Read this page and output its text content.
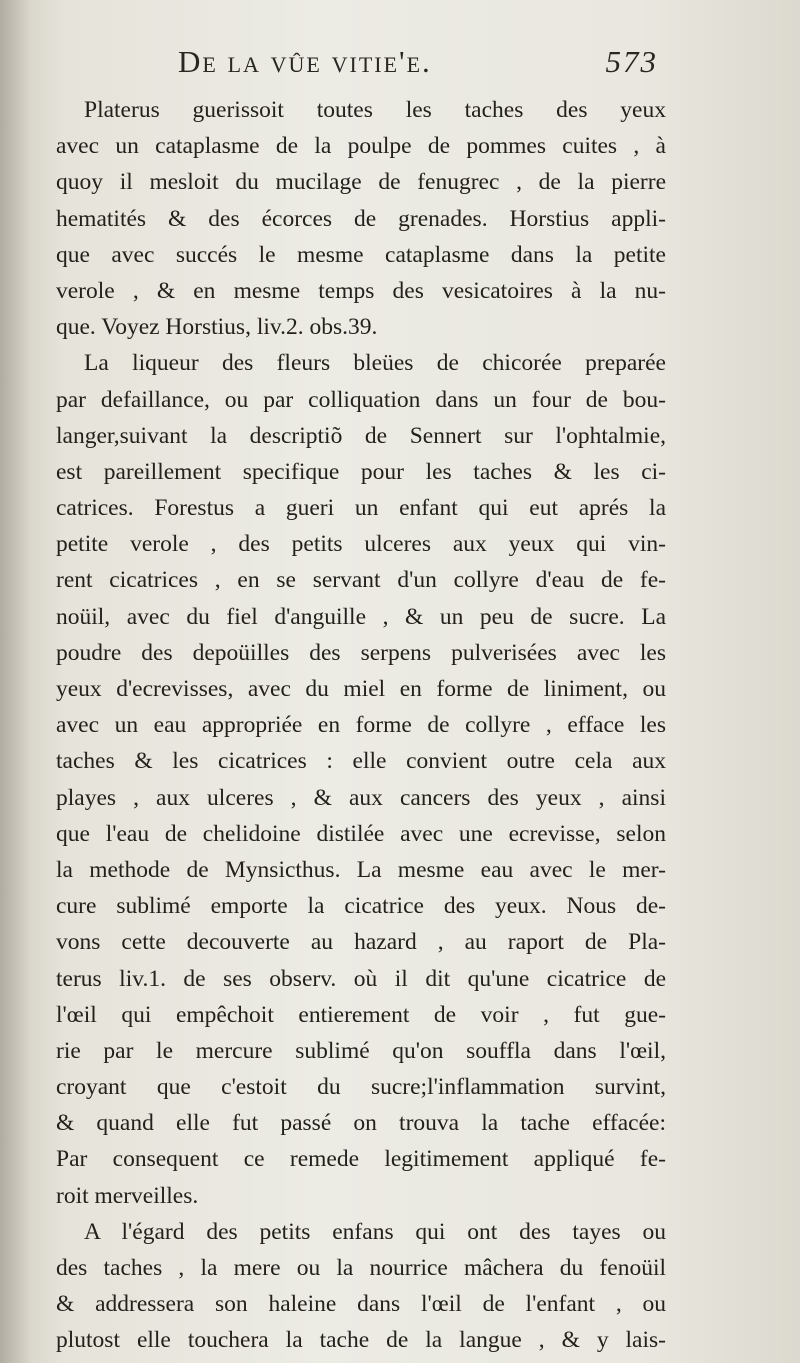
De la vûe vitie'e.	573
Platerus guerissoit toutes les taches des yeux
avec un cataplasme de la poulpe de pommes cuites , à
quoy il mesloit du mucilage de fenugrec , de la pierre
hematités & des écorces de grenades. Horstius appli-
que avec succés le mesme cataplasme dans la petite
verole , & en mesme temps des vesicatoires à la nu-
que. Voyez Horstius, liv.2. obs.39.
La liqueur des fleurs bleües de chicorée preparée
par defaillance, ou par colliquation dans un four de bou-
langer,suivant la descriptiõ de Sennert sur l'ophtalmie,
est pareillement specifique pour les taches & les ci-
catrices. Forestus a gueri un enfant qui eut aprés la
petite verole , des petits ulceres aux yeux qui vin-
rent cicatrices , en se servant d'un collyre d'eau de fe-
noüil, avec du fiel d'anguille , & un peu de sucre. La
poudre des depoüilles des serpens pulverisées avec les
yeux d'ecrevisses, avec du miel en forme de liniment, ou
avec un eau appropriée en forme de collyre , efface les
taches & les cicatrices : elle convient outre cela aux
playes , aux ulceres , & aux cancers des yeux , ainsi
que l'eau de chelidoine distilée avec une ecrevisse, selon
la methode de Mynsicthus. La mesme eau avec le mer-
cure sublimé emporte la cicatrice des yeux. Nous de-
vons cette decouverte au hazard , au raport de Pla-
terus liv.1. de ses observ. où il dit qu'une cicatrice de
l'œil qui empêchoit entierement de voir , fut gue-
rie par le mercure sublimé qu'on souffla dans l'œil,
croyant que c'estoit du sucre;l'inflammation survint,
& quand elle fut passé on trouva la tache effacée:
Par consequent ce remede legitimement appliqué fe-
roit merveilles.
A l'égard des petits enfans qui ont des tayes ou
des taches , la mere ou la nourrice mâchera du fenoüil
& addressera son haleine dans l'œil de l'enfant , ou
plutost elle touchera la tache de la langue , & y lais-
